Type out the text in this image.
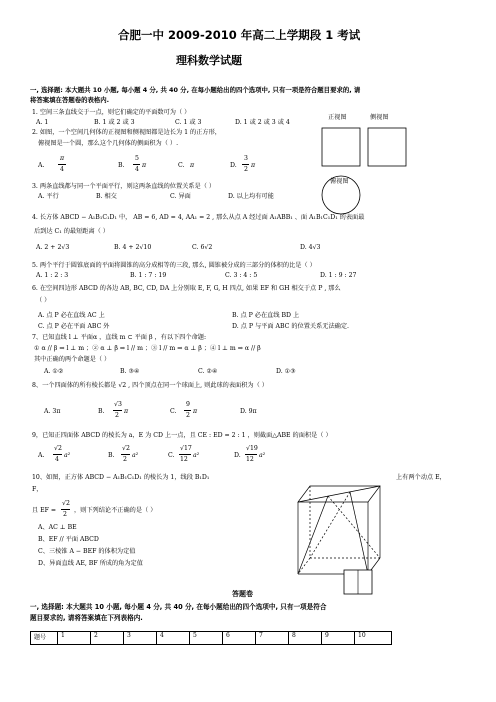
合肥一中 2009-2010 年高二上学期段 1 考试
理科数学试题
一, 选择题: 本大题共 10 小题, 每小题 4 分, 共 40 分, 在每小题给出的四个选项中, 只有一项是符合题目要求的, 请
将答案填在答题卷的表格内.
1. 空间三条直线交于一点，则它们确定的平面数可为（ ）
A. 1	B. 1 或 2 或 3	C. 1 或 3	D. 1 或 2 或 3 或 4
2. 如图，一个空间几何体的正视图和侧视图都是边长为 1 的正方形，
俯视图是一个圆，那么这个几何体的侧面积为（ ）.
A.
π
4
B.
5
4
π	C. π	D.
3
2
π
正视图	侧视图
俯视图
3. 两条直线都与同一个平面平行，则这两条直线的位置关系是（ ）
A. 平行	B. 相交	C. 异面	D. 以上均有可能
4. 长方体 ABCD − A₁B₁C₁D₁ 中， AB = 6, AD = 4, AA₁ = 2 , 那么从点 A 经过面 A₁ABB₁ 、面 A₁B₁C₁D₁ 的表面最
后到达 C₁ 的最短距离（ ）
A. 2 + 2√3	B. 4 + 2√10	C. 6√2	D. 4√3
5. 两个平行于圆锥底面的平面将圆锥的高分成相等的三段, 那么, 圆锥被分成的三部分的体积的比是（ ）
A. 1 : 2 : 3	B. 1 : 7 : 19	C. 3 : 4 : 5	D. 1 : 9 : 27
6. 在空间四边形 ABCD 的各边 AB, BC, CD, DA 上分别取 E, F, G, H 四点, 如果 EF 和 GH 相交于点 P , 那么
（ ）
A. 点 P 必在直线 AC 上	B. 点 P 必在直线 BD 上
C. 点 P 必在平面 ABC 外	D. 点 P 与平面 ABC 的位置关系无法确定.
7、已知直线 l ⊥ 平面α ，直线 m ⊂ 平面 β ，有以下四个命题:
① α // β ⇒ l ⊥ m ；② α ⊥ β ⇒ l // m ；③ l // m ⇒ α ⊥ β ；④ l ⊥ m ⇒ α // β
其中正确的两个命题是（ ）
A. ①②	B. ③④	C. ②④	D. ①③
8、一个四面体的所有棱长都是 √2 , 四个顶点在同一个球面上, 则此球的表面积为（ ）
A. 3π	B.
√3
2
π	C.
9
2
π	D. 9π
9，已知正四面体 ABCD 的棱长为 a，E 为 CD 上一点，且 CE : ED = 2 : 1 ，则截面△ABE 的面积是（ ）
A.
√2
4
a²	B.
√2
2
a²	C.
√17
12
a²	D.
√19
12
a²
10、如图，正方体 ABCD − A₁B₁C₁D₁ 的棱长为 1，线段 B₁D₁	上有两个动点 E，
F，
且 EF =
√2
2
，则下列结论不正确的是（ ）
A、AC ⊥ BE
B、EF // 平面 ABCD
C、三棱锥 A − BEF 的体积为定值
D、异面直线 AE, BF 所成的角为定值
答题卷
一, 选择题: 本大题共 10 小题, 每小题 4 分, 共 40 分, 在每小题给出的四个选项中, 只有一项是符合
题目要求的, 请将答案填在下列表格内.
题号	1	2	3	4	5	6	7	8	9	10
